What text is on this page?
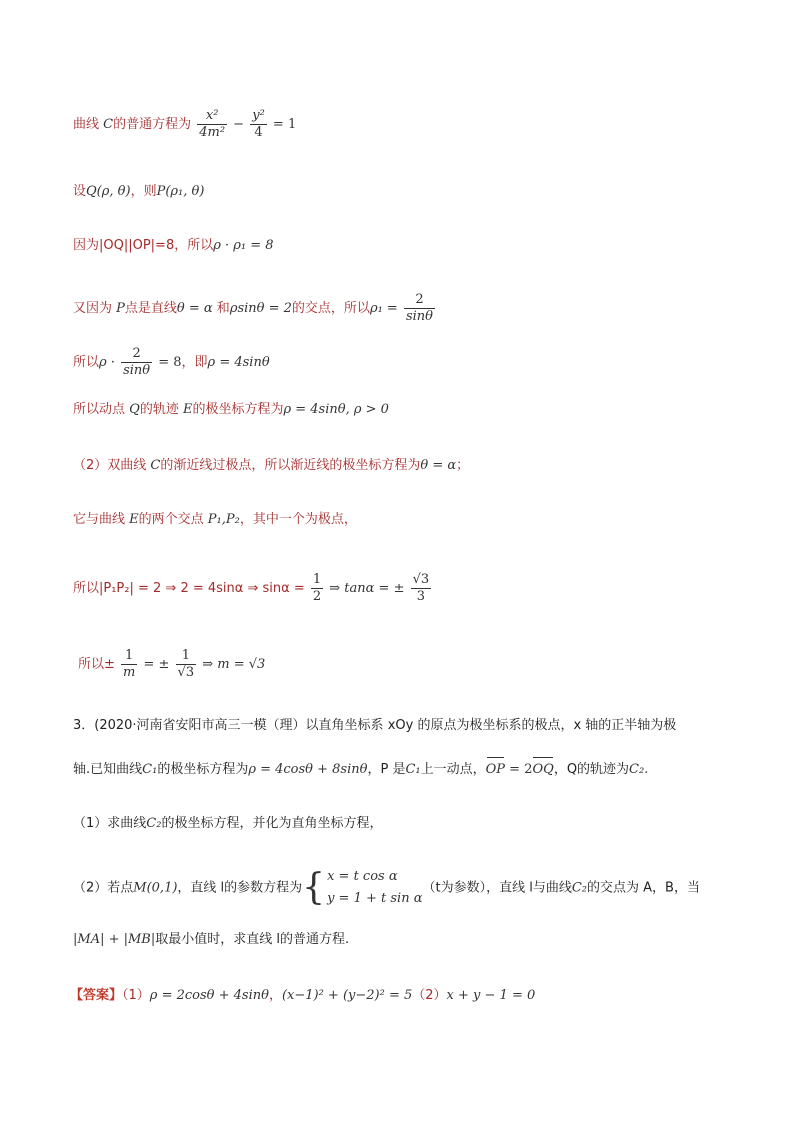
曲线 C的普通方程为 $\frac{\text{x²}}{\text{4m²}} - \frac{\text{y²}}{4} = 1$
设Q(ρ, θ)，则P(ρ₁, θ)
因为|OQ||OP|=8，所以ρ · ρ₁ = 8
又因为 P点是直线θ = α 和ρsinθ = 2的交点，所以$\rho_1 = \frac{2}{\sin\theta}$
所以$\rho \cdot \frac{2}{\sin\theta} = 8$，即ρ = 4sinθ
所以动点 Q的轨迹 E的极坐标方程为ρ = 4sinθ, ρ > 0
（2）双曲线 C的渐近线过极点，所以渐近线的极坐标方程为θ = α；
它与曲线 E的两个交点 P₁,P₂，其中一个为极点，
所以|P₁P₂| = 2 ⇒ 2 = 4sinα ⇒ $\sin\alpha = \frac{1}{2}$ ⇒ tanα = ± $\frac{√3}{3}$
所以± $\frac{1}{m}$ = ± $\frac{1}{√3}$ ⇒ m = √3
3．(2020·河南省安阳市高三一模（理）以直角坐标系 xOy 的原点为极坐标系的极点，x 轴的正半轴为极
轴.已知曲线C₁的极坐标方程为ρ = 4cosθ + 8sinθ，P 是C₁上一动点，OP = 2OQ，Q的轨迹为C₂.
（1）求曲线C₂的极坐标方程，并化为直角坐标方程，
（2）若点M(0,1)，直线 l的参数方程为{ x = t cos α
y = 1 + t sin α
（t为参数），直线 l与曲线C₂的交点为 A，B，当
|MA| + |MB|取最小值时，求直线 l的普通方程.
【答案】（1）ρ = 2cosθ + 4sinθ，(x−1)² + (y−2)² = 5（2）x + y − 1 = 0
